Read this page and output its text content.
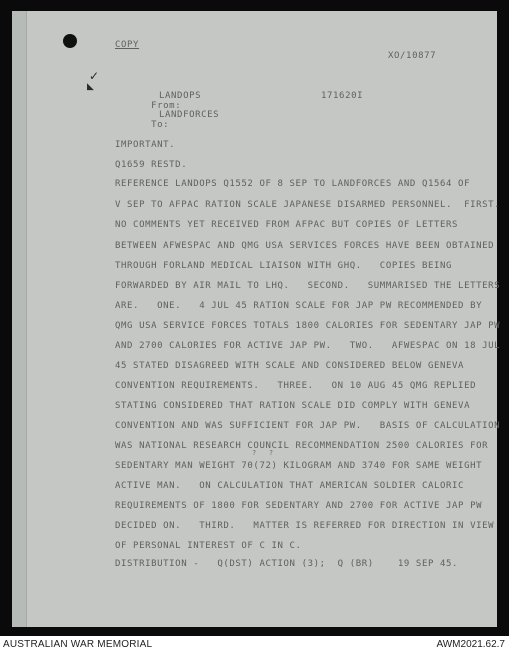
✓
◣
COPY
XO/10877

From:

LANDOPS

	171620I

To:

LANDFORCES

IMPORTANT.
Q1659 RESTD.
REFERENCE LANDOPS Q1552 OF 8 SEP TO LANDFORCES AND Q1564 OF
V SEP TO AFPAC RATION SCALE JAPANESE DISARMED PERSONNEL.  FIRST.
NO COMMENTS YET RECEIVED FROM AFPAC BUT COPIES OF LETTERS
BETWEEN AFWESPAC AND QMG USA SERVICES FORCES HAVE BEEN OBTAINED
THROUGH FORLAND MEDICAL LIAISON WITH GHQ.   COPIES BEING
FORWARDED BY AIR MAIL TO LHQ.   SECOND.   SUMMARISED THE LETTERS
ARE.   ONE.   4 JUL 45 RATION SCALE FOR JAP PW RECOMMENDED BY
QMG USA SERVICE FORCES TOTALS 1800 CALORIES FOR SEDENTARY JAP PW
AND 2700 CALORIES FOR ACTIVE JAP PW.   TWO.   AFWESPAC ON 18 JUL
45 STATED DISAGREED WITH SCALE AND CONSIDERED BELOW GENEVA
CONVENTION REQUIREMENTS.   THREE.   ON 10 AUG 45 QMG REPLIED
STATING CONSIDERED THAT RATION SCALE DID COMPLY WITH GENEVA
CONVENTION AND WAS SUFFICIENT FOR JAP PW.   BASIS OF CALCULATION
WAS NATIONAL RESEARCH COUNCIL RECOMMENDATION 2500 CALORIES FOR
?   ?
SEDENTARY MAN WEIGHT 70(72) KILOGRAM AND 3740 FOR SAME WEIGHT
ACTIVE MAN.   ON CALCULATION THAT AMERICAN SOLDIER CALORIC
REQUIREMENTS OF 1800 FOR SEDENTARY AND 2700 FOR ACTIVE JAP PW
DECIDED ON.   THIRD.   MATTER IS REFERRED FOR DIRECTION IN VIEW
OF PERSONAL INTEREST OF C IN C.
DISTRIBUTION -   Q(DST) ACTION (3);  Q (BR)    19 SEP 45.
AUSTRALIAN WAR MEMORIAL	AWM2021.62.7
